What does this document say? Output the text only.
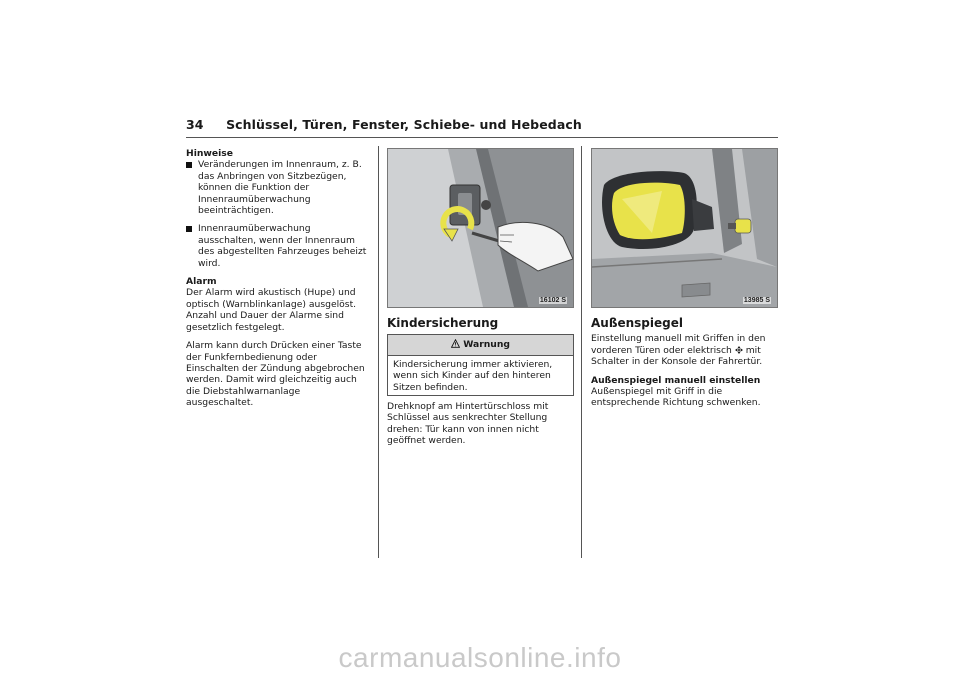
34 Schlüssel, Türen, Fenster, Schiebe- und Hebedach
Hinweise
Veränderungen im Innenraum, z. B. das Anbringen von Sitzbezügen, können die Funktion der Innenraumüberwachung beeinträchtigen.
Innenraumüberwachung ausschalten, wenn der Innenraum des abgestellten Fahrzeuges beheizt wird.
Alarm

Der Alarm wird akustisch (Hupe) und optisch (Warnblinkanlage) ausgelöst. Anzahl und Dauer der Alarme sind gesetzlich festgelegt.

Alarm kann durch Drücken einer Taste der Funkfernbedienung oder Einschalten der Zündung abgebrochen werden. Damit wird gleichzeitig auch die Diebstahlwarnanlage ausgeschaltet.

16102 S
Kindersicherung
Warnung
Kindersicherung immer aktivieren, wenn sich Kinder auf den hinteren Sitzen befinden.

Drehknopf am Hintertürschloss mit Schlüssel aus senkrechter Stellung drehen: Tür kann von innen nicht geöffnet werden.

13985 S
Außenspiegel

Einstellung manuell mit Griffen in den vorderen Türen oder elektrisch mit Schalter in der Konsole der Fahrertür.

Außenspiegel manuell einstellen

Außenspiegel mit Griff in die entsprechende Richtung schwenken.

carmanualsonline.info
